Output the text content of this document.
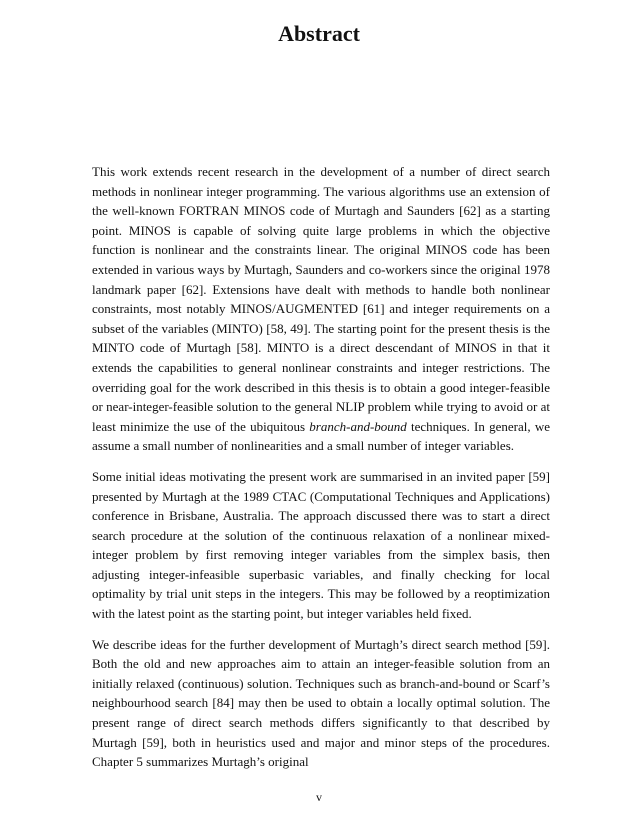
Abstract

This work extends recent research in the development of a number of direct search methods in nonlinear integer programming. The various algorithms use an extension of the well-known FORTRAN MINOS code of Murtagh and Saunders [62] as a starting point. MINOS is capable of solving quite large problems in which the objective function is nonlinear and the constraints linear. The original MINOS code has been extended in various ways by Murtagh, Saunders and co-workers since the original 1978 landmark paper [62]. Extensions have dealt with methods to handle both nonlinear constraints, most notably MINOS/AUGMENTED [61] and integer requirements on a subset of the variables (MINTO) [58, 49]. The starting point for the present thesis is the MINTO code of Murtagh [58]. MINTO is a direct descendant of MINOS in that it extends the capabilities to general nonlinear constraints and integer restrictions. The overriding goal for the work described in this thesis is to obtain a good integer-feasible or near-integer-feasible solution to the general NLIP problem while trying to avoid or at least minimize the use of the ubiquitous branch-and-bound techniques. In general, we assume a small number of nonlinearities and a small number of integer variables.

Some initial ideas motivating the present work are summarised in an invited paper [59] presented by Murtagh at the 1989 CTAC (Computational Techniques and Applications) conference in Brisbane, Australia. The approach discussed there was to start a direct search procedure at the solution of the continuous relaxation of a nonlinear mixed-integer problem by first removing integer variables from the simplex basis, then adjusting integer-infeasible superbasic variables, and finally checking for local optimality by trial unit steps in the integers. This may be followed by a reoptimization with the latest point as the starting point, but integer variables held fixed.

We describe ideas for the further development of Murtagh’s direct search method [59]. Both the old and new approaches aim to attain an integer-feasible solution from an initially relaxed (continuous) solution. Techniques such as branch-and-bound or Scarf’s neighbourhood search [84] may then be used to obtain a locally optimal solution. The present range of direct search methods differs significantly to that described by Murtagh [59], both in heuristics used and major and minor steps of the procedures. Chapter 5 summarizes Murtagh’s original

v
